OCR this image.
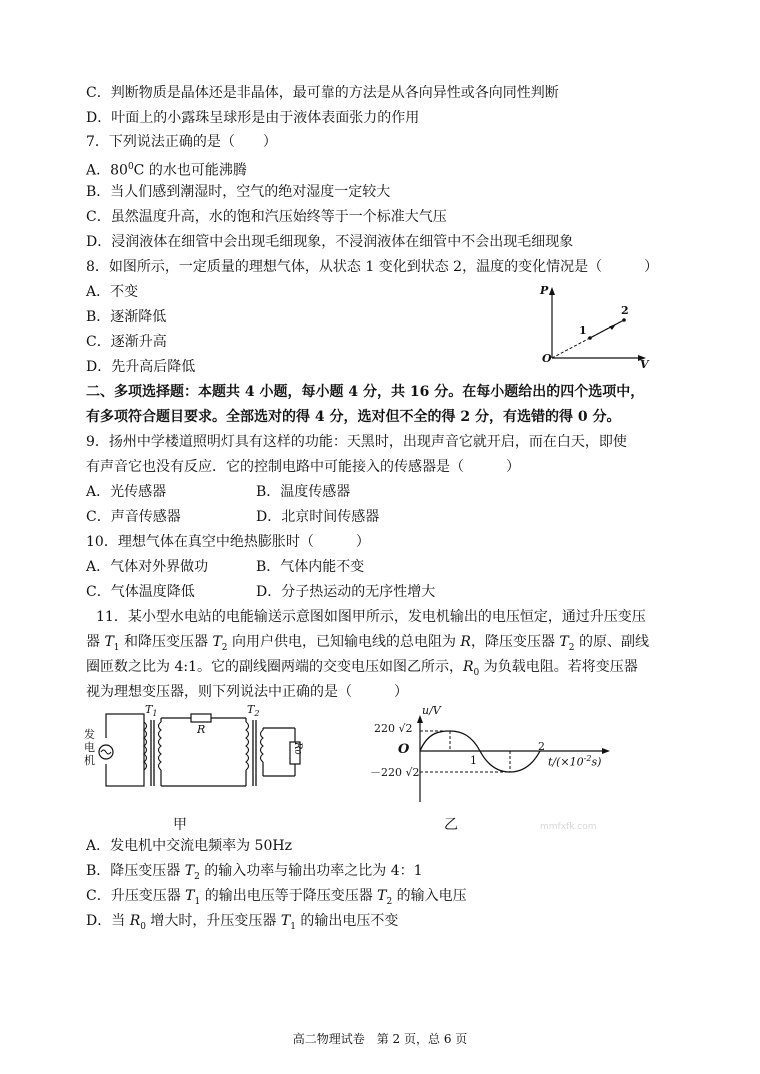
C．判断物质是晶体还是非晶体，最可靠的方法是从各向异性或各向同性判断
D．叶面上的小露珠呈球形是由于液体表面张力的作用
7．下列说法正确的是（　　）
A．$80^0C$ 的水也可能沸腾
B．当人们感到潮湿时，空气的绝对湿度一定较大
C．虽然温度升高，水的饱和汽压始终等于一个标准大气压
D．浸润液体在细管中会出现毛细现象，不浸润液体在细管中不会出现毛细现象
8．如图所示，一定质量的理想气体，从状态 1 变化到状态 2，温度的变化情况是（　　　）
A．不变
B．逐渐降低
C．逐渐升高
D．先升高后降低
P
V
O
1
2
二、多项选择题：本题共 4 小题，每小题 4 分，共 16 分。在每小题给出的四个选项中，
有多项符合题目要求。全部选对的得 4 分，选对但不全的得 2 分，有选错的得 0 分。
9．扬州中学楼道照明灯具有这样的功能：天黑时，出现声音它就开启，而在白天，即使
有声音它也没有反应．它的控制电路中可能接入的传感器是（　　　）
A．光传感器	B．温度传感器
C．声音传感器	D．北京时间传感器
10．理想气体在真空中绝热膨胀时（　　　）
A．气体对外界做功	B．气体内能不变
C．气体温度降低	D．分子热运动的无序性增大
11．某小型水电站的电能输送示意图如图甲所示，发电机输出的电压恒定，通过升压变压
器 $T_1$ 和降压变压器 $T_2$ 向用户供电，已知输电线的总电阻为 R，降压变压器 $T_2$ 的原、副线
圈匝数之比为 4:1。它的副线圈两端的交变电压如图乙所示，$R_0$ 为负载电阻。若将变压器
视为理想变压器，则下列说法中正确的是（　　　）
发电机
$T_1$
R
$T_2$
R0
甲
u/V
220 √2
－220 √2
O
1
2
$t/(\times 10^{-2}s)$
乙	mmfxfk.com
A．发电机中交流电频率为 50Hz
B．降压变压器 $T_2$ 的输入功率与输出功率之比为 4：1
C．升压变压器 $T_1$ 的输出电压等于降压变压器 $T_2$ 的输入电压
D．当 $R_0$ 增大时，升压变压器 $T_1$ 的输出电压不变
高二物理试卷　第 2 页，总 6 页
